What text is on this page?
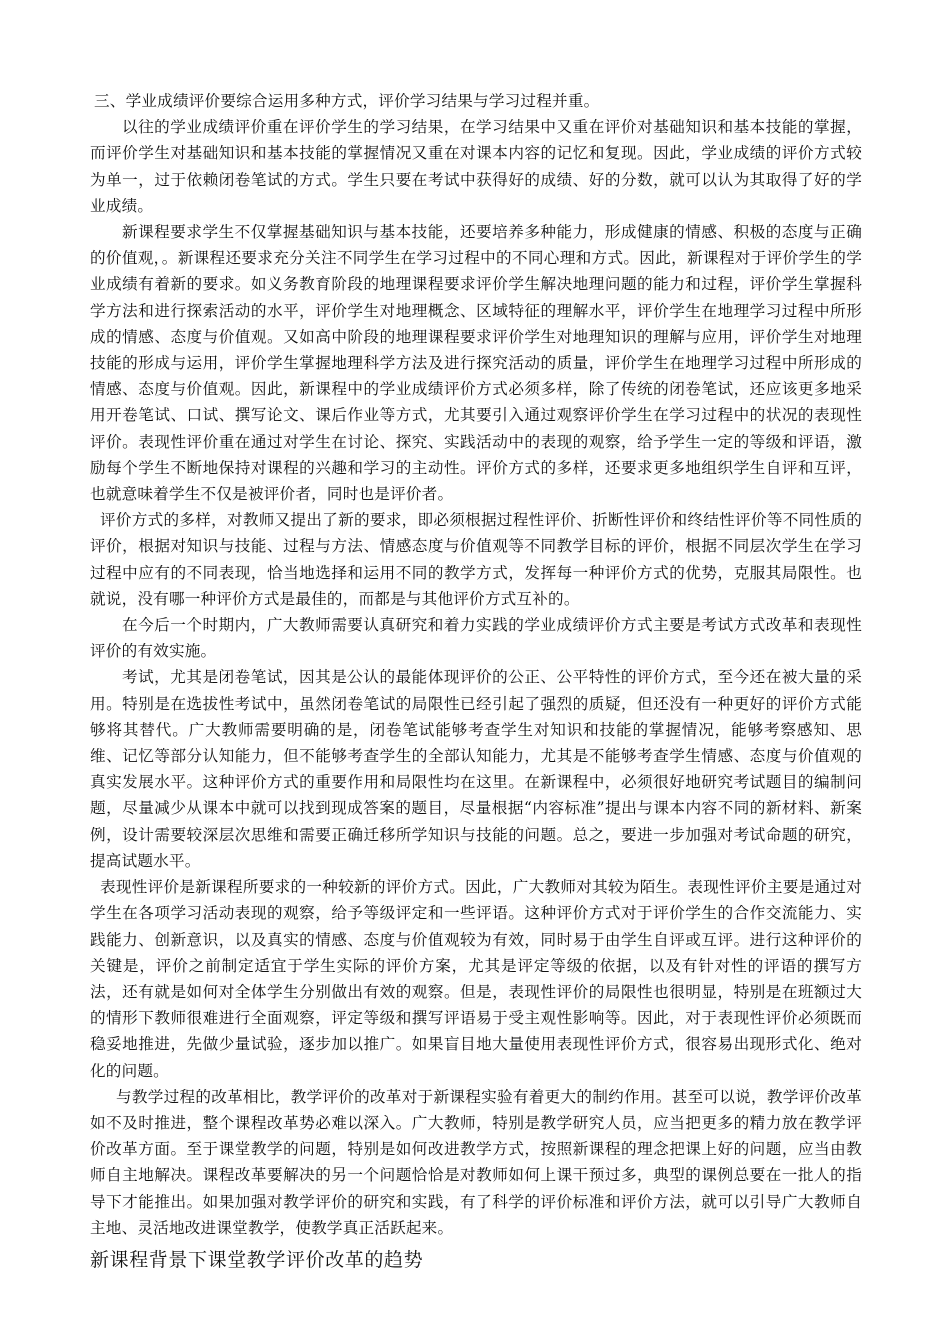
三、学业成绩评价要综合运用多种方式，评价学习结果与学习过程并重。

以往的学业成绩评价重在评价学生的学习结果，在学习结果中又重在评价对基础知识和基本技能的掌握，而评价学生对基础知识和基本技能的掌握情况又重在对课本内容的记忆和复现。因此，学业成绩的评价方式较为单一，过于依赖闭卷笔试的方式。学生只要在考试中获得好的成绩、好的分数，就可以认为其取得了好的学业成绩。

新课程要求学生不仅掌握基础知识与基本技能，还要培养多种能力，形成健康的情感、积极的态度与正确的价值观，。新课程还要求充分关注不同学生在学习过程中的不同心理和方式。因此，新课程对于评价学生的学业成绩有着新的要求。如义务教育阶段的地理课程要求评价学生解决地理问题的能力和过程，评价学生掌握科学方法和进行探索活动的水平，评价学生对地理概念、区域特征的理解水平，评价学生在地理学习过程中所形成的情感、态度与价值观。又如高中阶段的地理课程要求评价学生对地理知识的理解与应用，评价学生对地理技能的形成与运用，评价学生掌握地理科学方法及进行探究活动的质量，评价学生在地理学习过程中所形成的情感、态度与价值观。因此，新课程中的学业成绩评价方式必须多样，除了传统的闭卷笔试，还应该更多地采用开卷笔试、口试、撰写论文、课后作业等方式，尤其要引入通过观察评价学生在学习过程中的状况的表现性评价。表现性评价重在通过对学生在讨论、探究、实践活动中的表现的观察，给予学生一定的等级和评语，激励每个学生不断地保持对课程的兴趣和学习的主动性。评价方式的多样，还要求更多地组织学生自评和互评，也就意味着学生不仅是被评价者，同时也是评价者。

评价方式的多样，对教师又提出了新的要求，即必须根据过程性评价、折断性评价和终结性评价等不同性质的评价，根据对知识与技能、过程与方法、情感态度与价值观等不同教学目标的评价，根据不同层次学生在学习过程中应有的不同表现，恰当地选择和运用不同的教学方式，发挥每一种评价方式的优势，克服其局限性。也就说，没有哪一种评价方式是最佳的，而都是与其他评价方式互补的。

在今后一个时期内，广大教师需要认真研究和着力实践的学业成绩评价方式主要是考试方式改革和表现性评价的有效实施。

考试，尤其是闭卷笔试，因其是公认的最能体现评价的公正、公平特性的评价方式，至今还在被大量的采用。特别是在选拔性考试中，虽然闭卷笔试的局限性已经引起了强烈的质疑，但还没有一种更好的评价方式能够将其替代。广大教师需要明确的是，闭卷笔试能够考查学生对知识和技能的掌握情况，能够考察感知、思维、记忆等部分认知能力，但不能够考查学生的全部认知能力，尤其是不能够考查学生情感、态度与价值观的真实发展水平。这种评价方式的重要作用和局限性均在这里。在新课程中，必须很好地研究考试题目的编制问题，尽量减少从课本中就可以找到现成答案的题目，尽量根据“内容标准”提出与课本内容不同的新材料、新案例，设计需要较深层次思维和需要正确迁移所学知识与技能的问题。总之，要进一步加强对考试命题的研究，提高试题水平。

表现性评价是新课程所要求的一种较新的评价方式。因此，广大教师对其较为陌生。表现性评价主要是通过对学生在各项学习活动表现的观察，给予等级评定和一些评语。这种评价方式对于评价学生的合作交流能力、实践能力、创新意识，以及真实的情感、态度与价值观较为有效，同时易于由学生自评或互评。进行这种评价的关键是，评价之前制定适宜于学生实际的评价方案，尤其是评定等级的依据，以及有针对性的评语的撰写方法，还有就是如何对全体学生分别做出有效的观察。但是，表现性评价的局限性也很明显，特别是在班额过大的情形下教师很难进行全面观察，评定等级和撰写评语易于受主观性影响等。因此，对于表现性评价必须既而稳妥地推进，先做少量试验，逐步加以推广。如果盲目地大量使用表现性评价方式，很容易出现形式化、绝对化的问题。

与教学过程的改革相比，教学评价的改革对于新课程实验有着更大的制约作用。甚至可以说，教学评价改革如不及时推进，整个课程改革势必难以深入。广大教师，特别是教学研究人员，应当把更多的精力放在教学评价改革方面。至于课堂教学的问题，特别是如何改进教学方式，按照新课程的理念把课上好的问题，应当由教师自主地解决。课程改革要解决的另一个问题恰恰是对教师如何上课干预过多，典型的课例总要在一批人的指导下才能推出。如果加强对教学评价的研究和实践，有了科学的评价标准和评价方法，就可以引导广大教师自主地、灵活地改进课堂教学，使教学真正活跃起来。

新课程背景下课堂教学评价改革的趋势
